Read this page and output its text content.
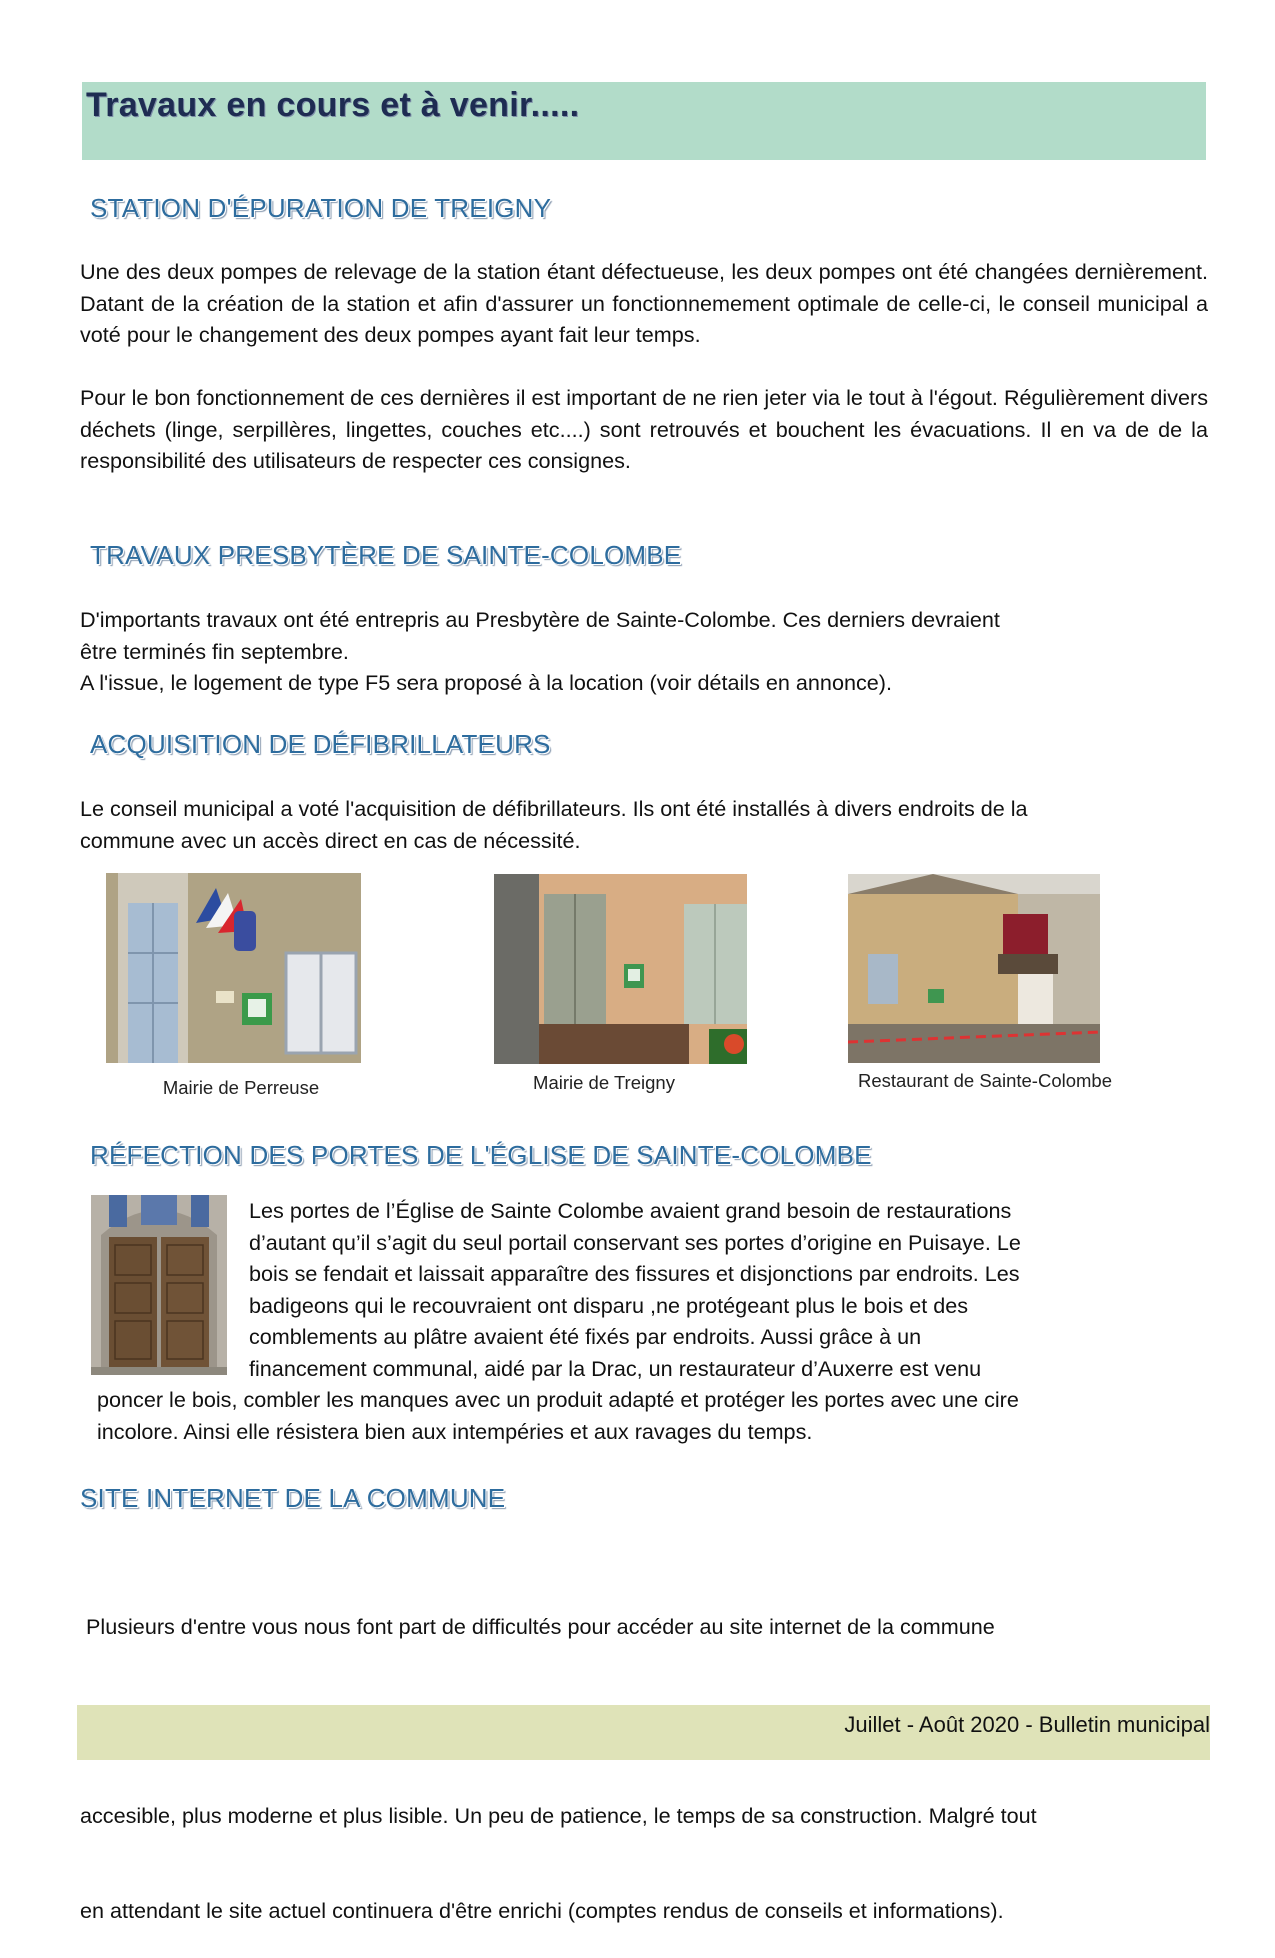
Travaux en cours et à venir.....
STATION D'ÉPURATION DE TREIGNY

Une des deux pompes de relevage de la station étant défectueuse, les deux pompes ont été changées dernièrement. Datant de la création de la station et afin d'assurer un fonctionnemement optimale de celle-ci, le conseil municipal a voté pour le changement des deux pompes ayant fait leur temps.

Pour le bon fonctionnement de ces dernières il est important de ne rien jeter via le tout à l'égout. Régulièrement divers déchets (linge, serpillères, lingettes, couches etc....) sont retrouvés et bouchent les évacuations. Il en va de de la responsibilité des utilisateurs de respecter ces consignes.

TRAVAUX PRESBYTÈRE DE SAINTE-COLOMBE
D'importants travaux ont été entrepris au Presbytère de Sainte-Colombe. Ces derniers devraient
être terminés fin septembre.
A l'issue, le logement de type F5 sera proposé à la location (voir détails en annonce).
ACQUISITION DE DÉFIBRILLATEURS
Le conseil municipal a voté l'acquisition de défibrillateurs. Ils ont été installés à divers endroits de la
commune avec un accès direct en cas de nécessité.

Mairie de Perreuse	Mairie de Treigny	Restaurant de Sainte-Colombe

RÉFECTION DES PORTES DE L'ÉGLISE DE SAINTE-COLOMBE
Les portes de l’Église de Sainte Colombe avaient grand besoin de restaurations
d’autant qu’il s’agit du seul portail conservant ses portes d’origine en Puisaye. Le
bois se fendait et laissait apparaître des fissures et disjonctions par endroits. Les
badigeons qui le recouvraient ont disparu ,ne protégeant plus le bois et des
comblements au plâtre avaient été fixés par endroits. Aussi grâce à un
financement communal, aidé par la Drac, un restaurateur d’Auxerre est venu
poncer le bois, combler les manques avec un produit adapté et protéger les portes avec une cire
incolore. Ainsi elle résistera bien aux intempéries et aux ravages du temps.
SITE INTERNET DE LA COMMUNE

Plusieurs d'entre vous nous font part de difficultés pour accéder au site internet de la commune

accesible, plus moderne et plus lisible. Un peu de patience, le temps de sa construction. Malgré tout

en attendant le site actuel continuera d'être enrichi (comptes rendus de conseils et informations).

Juillet - Août 2020 - Bulletin municipal
